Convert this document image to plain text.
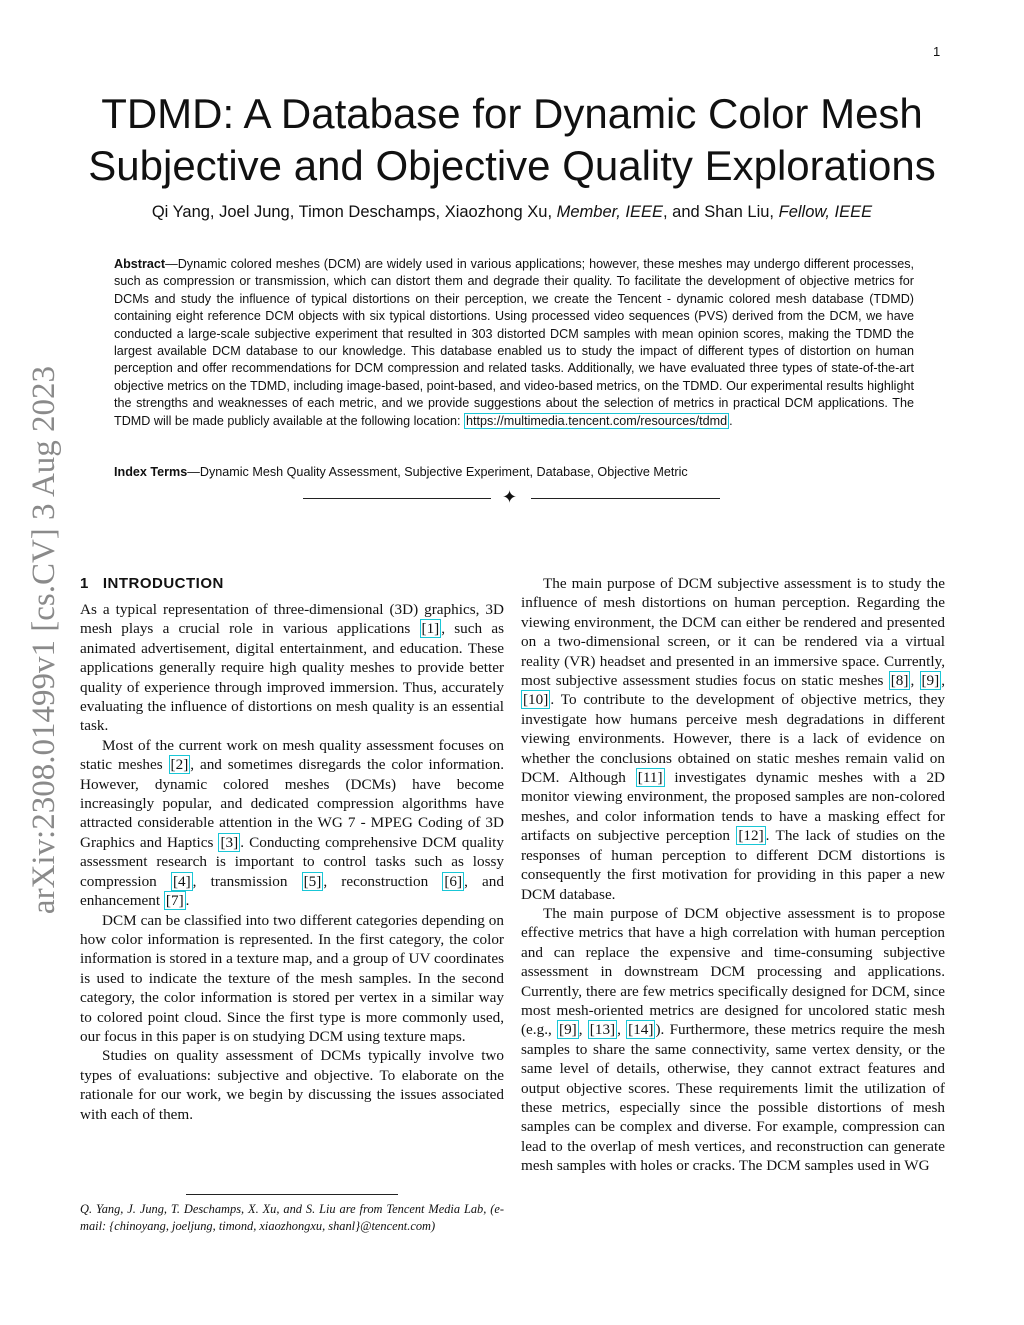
1
arXiv:2308.01499v1 [cs.CV] 3 Aug 2023
TDMD: A Database for Dynamic Color Mesh
Subjective and Objective Quality Explorations
Qi Yang, Joel Jung, Timon Deschamps, Xiaozhong Xu, Member, IEEE, and Shan Liu, Fellow, IEEE
Abstract—Dynamic colored meshes (DCM) are widely used in various applications; however, these meshes may undergo different processes, such as compression or transmission, which can distort them and degrade their quality. To facilitate the development of objective metrics for DCMs and study the influence of typical distortions on their perception, we create the Tencent - dynamic colored mesh database (TDMD) containing eight reference DCM objects with six typical distortions. Using processed video sequences (PVS) derived from the DCM, we have conducted a large-scale subjective experiment that resulted in 303 distorted DCM samples with mean opinion scores, making the TDMD the largest available DCM database to our knowledge. This database enabled us to study the impact of different types of distortion on human perception and offer recommendations for DCM compression and related tasks. Additionally, we have evaluated three types of state-of-the-art objective metrics on the TDMD, including image-based, point-based, and video-based metrics, on the TDMD. Our experimental results highlight the strengths and weaknesses of each metric, and we provide suggestions about the selection of metrics in practical DCM applications. The TDMD will be made publicly available at the following location: https://multimedia.tencent.com/resources/tdmd .
Index Terms—Dynamic Mesh Quality Assessment, Subjective Experiment, Database, Objective Metric
✦
1 INTRODUCTION

As a typical representation of three-dimensional (3D) graphics, 3D mesh plays a crucial role in various applications [1] , such as animated advertisement, digital entertainment, and education. These applications generally require high quality meshes to provide better quality of experience through improved immersion. Thus, accurately evaluating the influence of distortions on mesh quality is an essential task.

Most of the current work on mesh quality assessment focuses on static meshes [2] , and sometimes disregards the color information. However, dynamic colored meshes (DCMs) have become increasingly popular, and dedicated compression algorithms have attracted considerable attention in the WG 7 - MPEG Coding of 3D Graphics and Haptics [3] . Conducting comprehensive DCM quality assessment research is important to control tasks such as lossy compression [4] , transmission [5] , reconstruction [6] , and enhancement [7] .

DCM can be classified into two different categories depending on how color information is represented. In the first category, the color information is stored in a texture map, and a group of UV coordinates is used to indicate the texture of the mesh samples. In the second category, the color information is stored per vertex in a similar way to colored point cloud. Since the first type is more commonly used, our focus in this paper is on studying DCM using texture maps.

Studies on quality assessment of DCMs typically involve two types of evaluations: subjective and objective. To elaborate on the rationale for our work, we begin by discussing the issues associated with each of them.

Q. Yang, J. Jung, T. Deschamps, X. Xu, and S. Liu are from Tencent Media Lab, (e-mail: {chinoyang, joeljung, timond, xiaozhongxu, shanl}@tencent.com)

The main purpose of DCM subjective assessment is to study the influence of mesh distortions on human perception. Regarding the viewing environment, the DCM can either be rendered and presented on a two-dimensional screen, or it can be rendered via a virtual reality (VR) headset and presented in an immersive space. Currently, most subjective assessment studies focus on static meshes [8] , [9] , [10] . To contribute to the development of objective metrics, they investigate how humans perceive mesh degradations in different viewing environments. However, there is a lack of evidence on whether the conclusions obtained on static meshes remain valid on DCM. Although [11] investigates dynamic meshes with a 2D monitor viewing environment, the proposed samples are non-colored meshes, and color information tends to have a masking effect for artifacts on subjective perception [12] . The lack of studies on the responses of human perception to different DCM distortions is consequently the first motivation for providing in this paper a new DCM database.

The main purpose of DCM objective assessment is to propose effective metrics that have a high correlation with human perception and can replace the expensive and time-consuming subjective assessment in downstream DCM processing and applications. Currently, there are few metrics specifically designed for DCM, since most mesh-oriented metrics are designed for uncolored static mesh (e.g., [9] , [13] , [14] ). Furthermore, these metrics require the mesh samples to share the same connectivity, same vertex density, or the same level of details, otherwise, they cannot extract features and output objective scores. These requirements limit the utilization of these metrics, especially since the possible distortions of mesh samples can be complex and diverse. For example, compression can lead to the overlap of mesh vertices, and reconstruction can generate mesh samples with holes or cracks. The DCM samples used in WG
